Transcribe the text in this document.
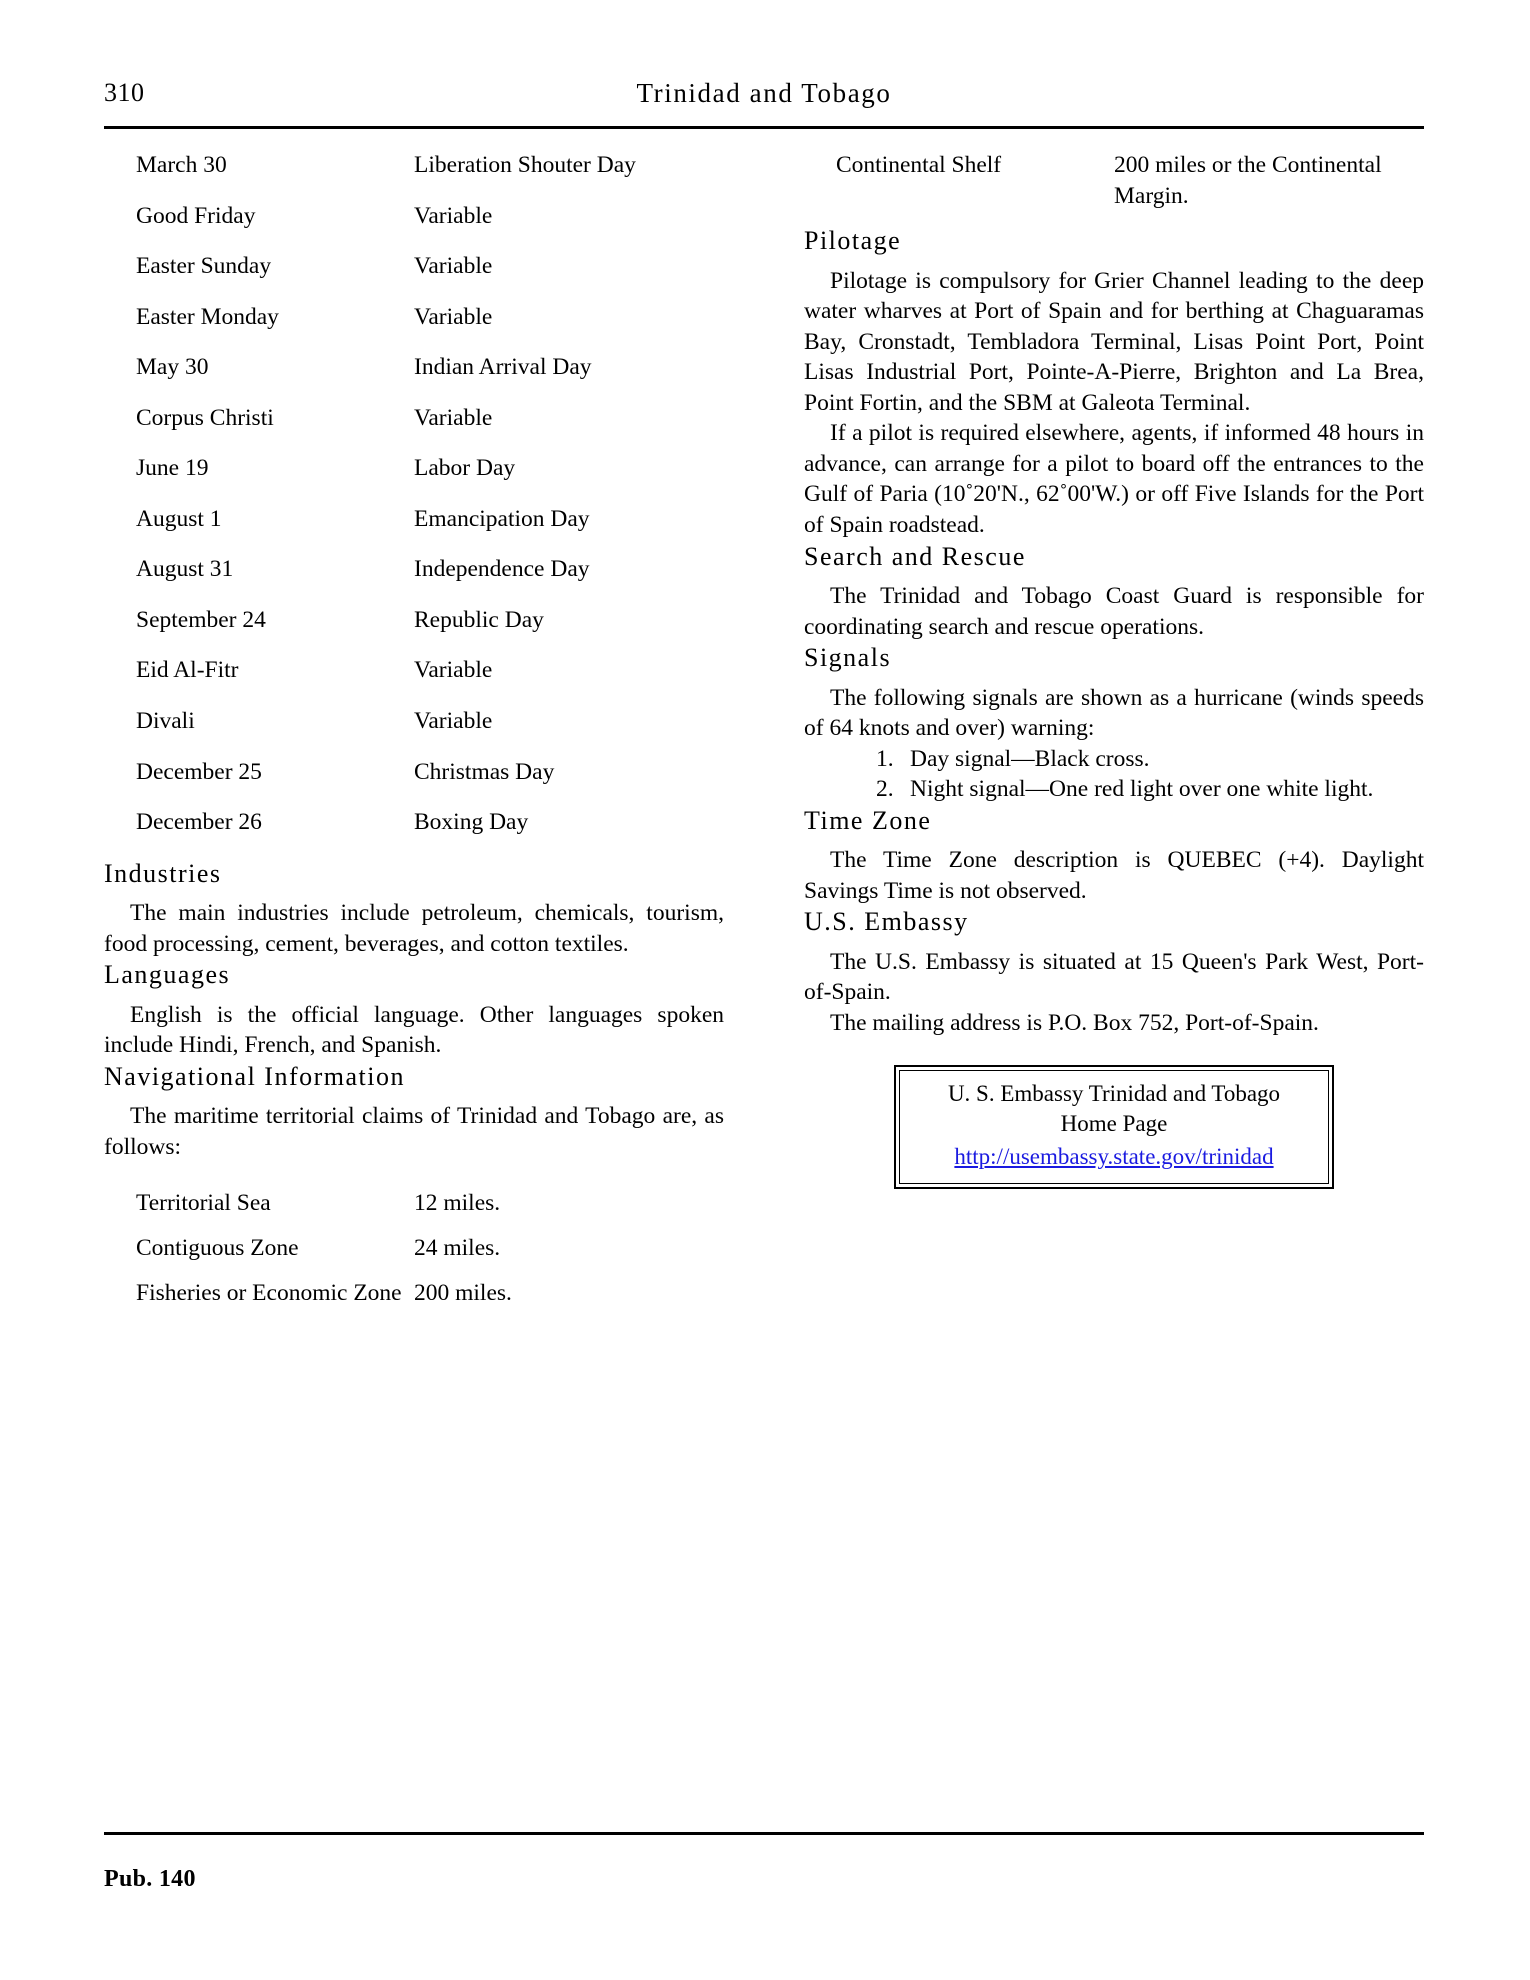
310	Trinidad and Tobago
March 30	Liberation Shouter Day
Good Friday	Variable
Easter Sunday	Variable
Easter Monday	Variable
May 30	Indian Arrival Day
Corpus Christi	Variable
June 19	Labor Day
August 1	Emancipation Day
August 31	Independence Day
September 24	Republic Day
Eid Al-Fitr	Variable
Divali	Variable
December 25	Christmas Day
December 26	Boxing Day
Industries

The main industries include petroleum, chemicals, tourism, food processing, cement, beverages, and cotton textiles.

Languages

English is the official language. Other languages spoken include Hindi, French, and Spanish.

Navigational Information

The maritime territorial claims of Trinidad and Tobago are, as follows:

Territorial Sea	12 miles.
Contiguous Zone	24 miles.
Fisheries or Economic Zone	200 miles.
Continental Shelf	200 miles or the Continental Margin.
Pilotage

Pilotage is compulsory for Grier Channel leading to the deep water wharves at Port of Spain and for berthing at Chaguaramas Bay, Cronstadt, Tembladora Terminal, Lisas Point Port, Point Lisas Industrial Port, Pointe-A-Pierre, Brighton and La Brea, Point Fortin, and the SBM at Galeota Terminal.

If a pilot is required elsewhere, agents, if informed 48 hours in advance, can arrange for a pilot to board off the entrances to the Gulf of Paria (10˚20'N., 62˚00'W.) or off Five Islands for the Port of Spain roadstead.

Search and Rescue

The Trinidad and Tobago Coast Guard is responsible for coordinating search and rescue operations.

Signals

The following signals are shown as a hurricane (winds speeds of 64 knots and over) warning:

1. Day signal—Black cross.
2. Night signal—One red light over one white light.
Time Zone

The Time Zone description is QUEBEC (+4). Daylight Savings Time is not observed.

U.S. Embassy

The U.S. Embassy is situated at 15 Queen's Park West, Port-of-Spain.

The mailing address is P.O. Box 752, Port-of-Spain.

U. S. Embassy Trinidad and Tobago
Home Page
http://usembassy.state.gov/trinidad
Pub. 140
